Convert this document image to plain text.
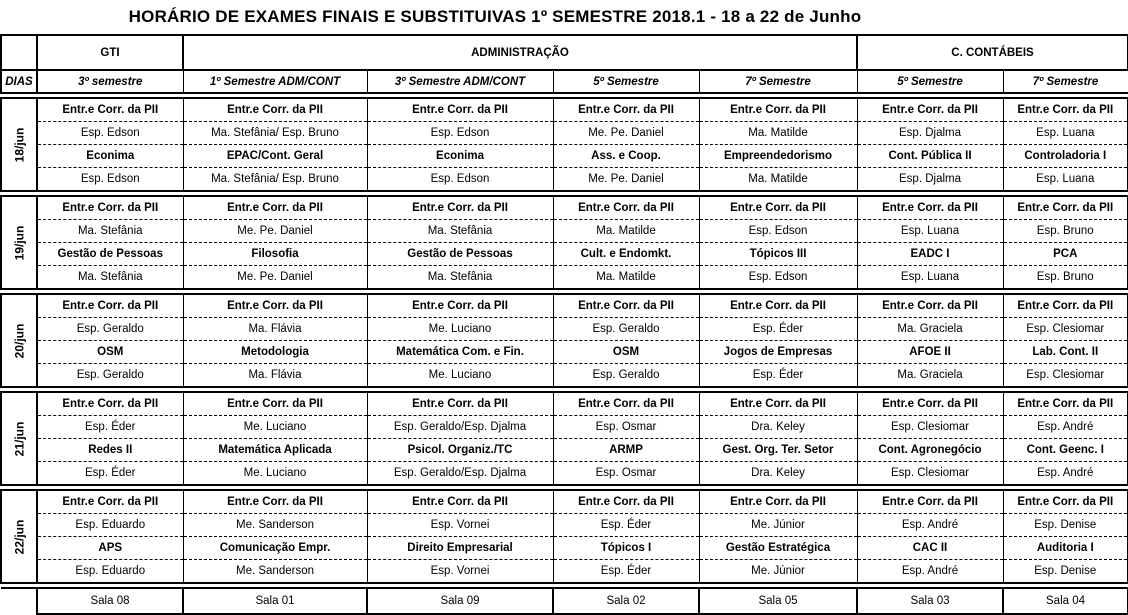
HORÁRIO DE EXAMES FINAIS E SUBSTITUIVAS 1º SEMESTRE 2018.1 - 18 a 22 de Junho
	GTI	ADMINISTRAÇÃO				C. CONTÁBEIS	
DIAS	3º semestre	1º Semestre ADM/CONT	3º Semestre ADM/CONT	5º Semestre	7º Semestre	5º Semestre	7º Semestre

18/jun	Entr.e Corr. da PII	Entr.e Corr. da PII	Entr.e Corr. da PII	Entr.e Corr. da PII	Entr.e Corr. da PII	Entr.e Corr. da PII	Entr.e Corr. da PII
	Esp. Edson	Ma. Stefânia/ Esp. Bruno	Esp. Edson	Me. Pe. Daniel	Ma. Matilde	Esp. Djalma	Esp. Luana
	Econima	EPAC/Cont. Geral	Econima	Ass. e Coop.	Empreendedorismo	Cont. Pública II	Controladoria I
	Esp. Edson	Ma. Stefânia/ Esp. Bruno	Esp. Edson	Me. Pe. Daniel	Ma. Matilde	Esp. Djalma	Esp. Luana

19/jun	Entr.e Corr. da PII	Entr.e Corr. da PII	Entr.e Corr. da PII	Entr.e Corr. da PII	Entr.e Corr. da PII	Entr.e Corr. da PII	Entr.e Corr. da PII
	Ma. Stefânia	Me. Pe. Daniel	Ma. Stefânia	Ma. Matilde	Esp. Edson	Esp. Luana	Esp. Bruno
	Gestão de Pessoas	Filosofia	Gestão de Pessoas	Cult. e Endomkt.	Tópicos III	EADC I	PCA
	Ma. Stefânia	Me. Pe. Daniel	Ma. Stefânia	Ma. Matilde	Esp. Edson	Esp. Luana	Esp. Bruno

20/jun	Entr.e Corr. da PII	Entr.e Corr. da PII	Entr.e Corr. da PII	Entr.e Corr. da PII	Entr.e Corr. da PII	Entr.e Corr. da PII	Entr.e Corr. da PII
	Esp. Geraldo	Ma. Flávia	Me. Luciano	Esp. Geraldo	Esp. Éder	Ma. Graciela	Esp. Clesiomar
	OSM	Metodologia	Matemática Com. e Fin.	OSM	Jogos de Empresas	AFOE II	Lab. Cont. II
	Esp. Geraldo	Ma. Flávia	Me. Luciano	Esp. Geraldo	Esp. Éder	Ma. Graciela	Esp. Clesiomar

21/jun	Entr.e Corr. da PII	Entr.e Corr. da PII	Entr.e Corr. da PII	Entr.e Corr. da PII	Entr.e Corr. da PII	Entr.e Corr. da PII	Entr.e Corr. da PII
	Esp. Éder	Me. Luciano	Esp. Geraldo/Esp. Djalma	Esp. Osmar	Dra. Keley	Esp. Clesiomar	Esp. André
	Redes II	Matemática Aplicada	Psicol. Organiz./TC	ARMP	Gest. Org. Ter. Setor	Cont. Agronegócio	Cont. Geenc. I
	Esp. Éder	Me. Luciano	Esp. Geraldo/Esp. Djalma	Esp. Osmar	Dra. Keley	Esp. Clesiomar	Esp. André

22/jun	Entr.e Corr. da PII	Entr.e Corr. da PII	Entr.e Corr. da PII	Entr.e Corr. da PII	Entr.e Corr. da PII	Entr.e Corr. da PII	Entr.e Corr. da PII
	Esp. Eduardo	Me. Sanderson	Esp. Vornei	Esp. Éder	Me. Júnior	Esp. André	Esp. Denise
	APS	Comunicação Empr.	Direito Empresarial	Tópicos I	Gestão Estratégica	CAC II	Auditoria I
	Esp. Eduardo	Me. Sanderson	Esp. Vornei	Esp. Éder	Me. Júnior	Esp. André	Esp. Denise

	Sala 08	Sala 01	Sala 09	Sala 02	Sala 05	Sala 03	Sala 04
